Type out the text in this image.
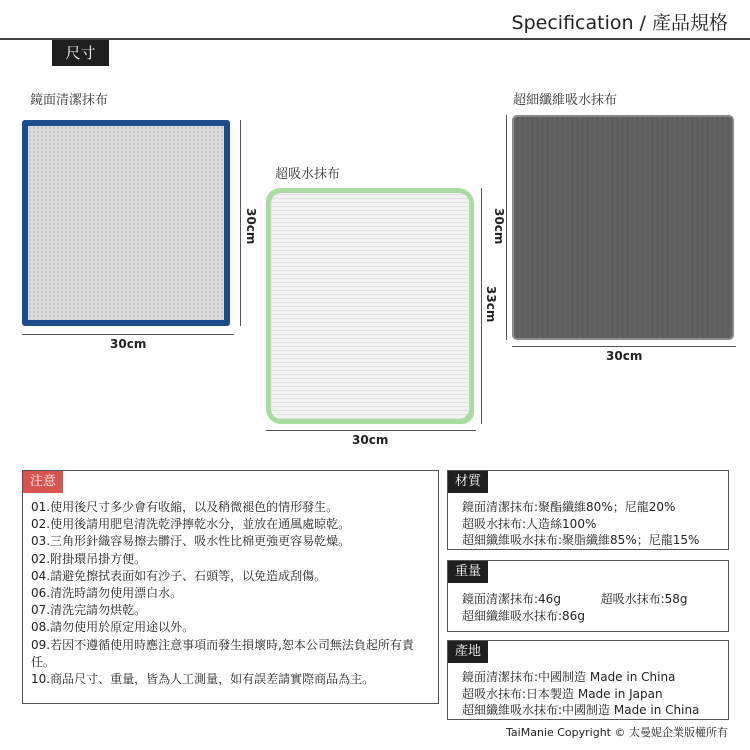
Specification / 產品規格
尺寸
鏡面清潔抹布
30cm
30cm
超吸水抹布
30cm
33cm
超細纖維吸水抹布
30cm
30cm
注意
01.使用後尺寸多少會有收縮，以及稍微褪色的情形發生。
02.使用後請用肥皂清洗乾淨擰乾水分，並放在通風處晾乾。
03.三角形針織容易擦去髒汙、吸水性比棉更強更容易乾燥。
02.附掛環吊掛方便。
04.請避免擦拭表面如有沙子、石頭等，以免造成刮傷。
06.清洗時請勿使用漂白水。
07.清洗完請勿烘乾。
08.請勿使用於原定用途以外。
09.若因不遵循使用時應注意事項而發生損壞時,恕本公司無法負起所有責任。
10.商品尺寸、重量，皆為人工測量，如有誤差請實際商品為主。
材質
鏡面清潔抹布:聚酯纖維80%；尼龍20%
超吸水抹布:人造絲100%
超細纖維吸水抹布:聚脂纖維85%；尼龍15%
重量
鏡面清潔抹布:46g	超吸水抹布:58g
超細纖維吸水抹布:86g
產地
鏡面清潔抹布:中國制造 Made in China
超吸水抹布:日本製造 Made in Japan
超細纖維吸水抹布:中國制造 Made in China
TaiManie Copyright © 太曼妮企業版權所有
